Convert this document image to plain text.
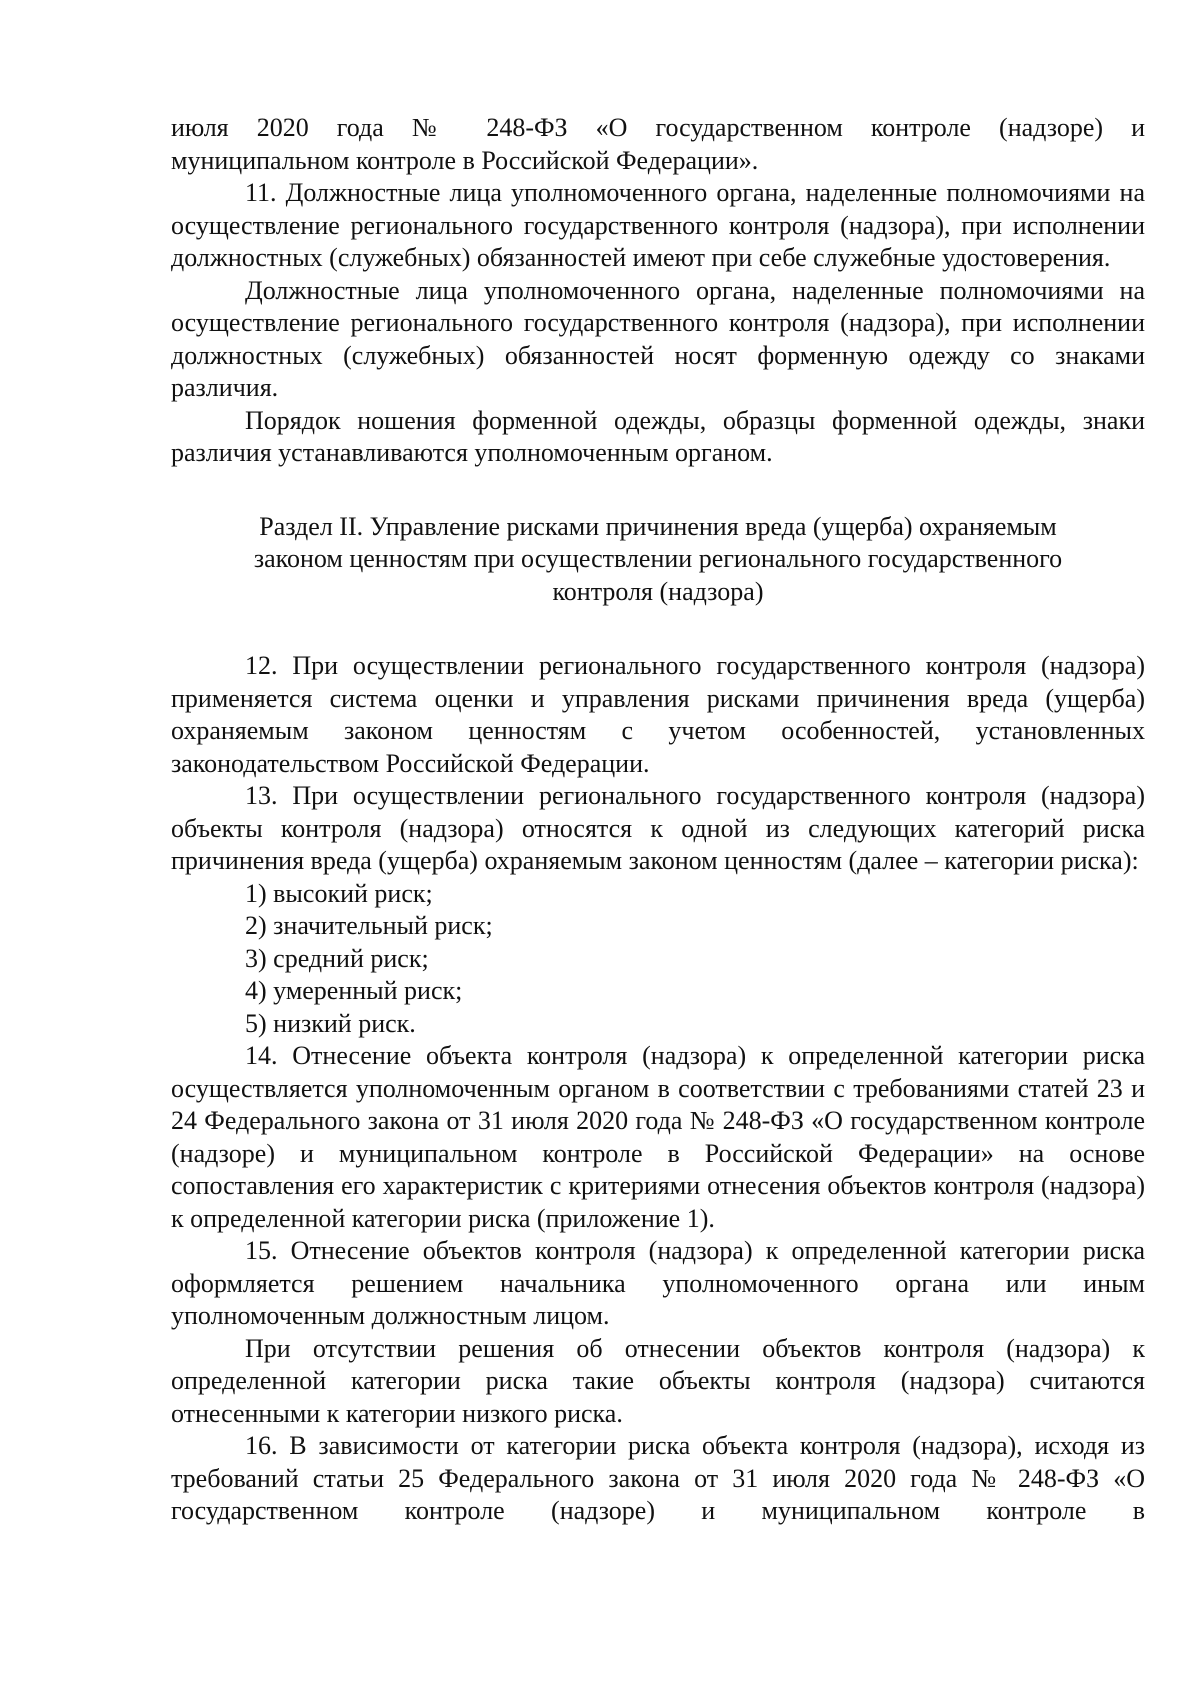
июля 2020 года № 248-ФЗ «О государственном контроле (надзоре) и

муниципальном контроле в Российской Федерации».

11. Должностные лица уполномоченного органа, наделенные полномочиями на осуществление регионального государственного контроля (надзора), при исполнении должностных (служебных) обязанностей имеют при себе служебные удостоверения.

Должностные лица уполномоченного органа, наделенные полномочиями на осуществление регионального государственного контроля (надзора), при исполнении должностных (служебных) обязанностей носят форменную одежду со знаками различия.

Порядок ношения форменной одежды, образцы форменной одежды, знаки различия устанавливаются уполномоченным органом.

Раздел II. Управление рисками причинения вреда (ущерба) охраняемым
законом ценностям при осуществлении регионального государственного
контроля (надзора)

12. При осуществлении регионального государственного контроля (надзора) применяется система оценки и управления рисками причинения вреда (ущерба) охраняемым законом ценностям с учетом особенностей, установленных законодательством Российской Федерации.

13. При осуществлении регионального государственного контроля (надзора) объекты контроля (надзора) относятся к одной из следующих категорий риска причинения вреда (ущерба) охраняемым законом ценностям (далее – категории риска):

1) высокий риск;
2) значительный риск;
3) средний риск;
4) умеренный риск;
5) низкий риск.

14. Отнесение объекта контроля (надзора) к определенной категории риска осуществляется уполномоченным органом в соответствии с требованиями статей 23 и 24 Федерального закона от 31 июля 2020 года № 248-ФЗ «О государственном контроле (надзоре) и муниципальном контроле в Российской Федерации» на основе сопоставления его характеристик с критериями отнесения объектов контроля (надзора) к определенной категории риска (приложение 1).

15. Отнесение объектов контроля (надзора) к определенной категории риска оформляется решением начальника уполномоченного органа или иным уполномоченным должностным лицом.

При отсутствии решения об отнесении объектов контроля (надзора) к определенной категории риска такие объекты контроля (надзора) считаются отнесенными к категории низкого риска.

16. В зависимости от категории риска объекта контроля (надзора), исходя из требований статьи 25 Федерального закона от 31 июля 2020 года № 248-ФЗ «О государственном контроле (надзоре) и муниципальном контроле в
